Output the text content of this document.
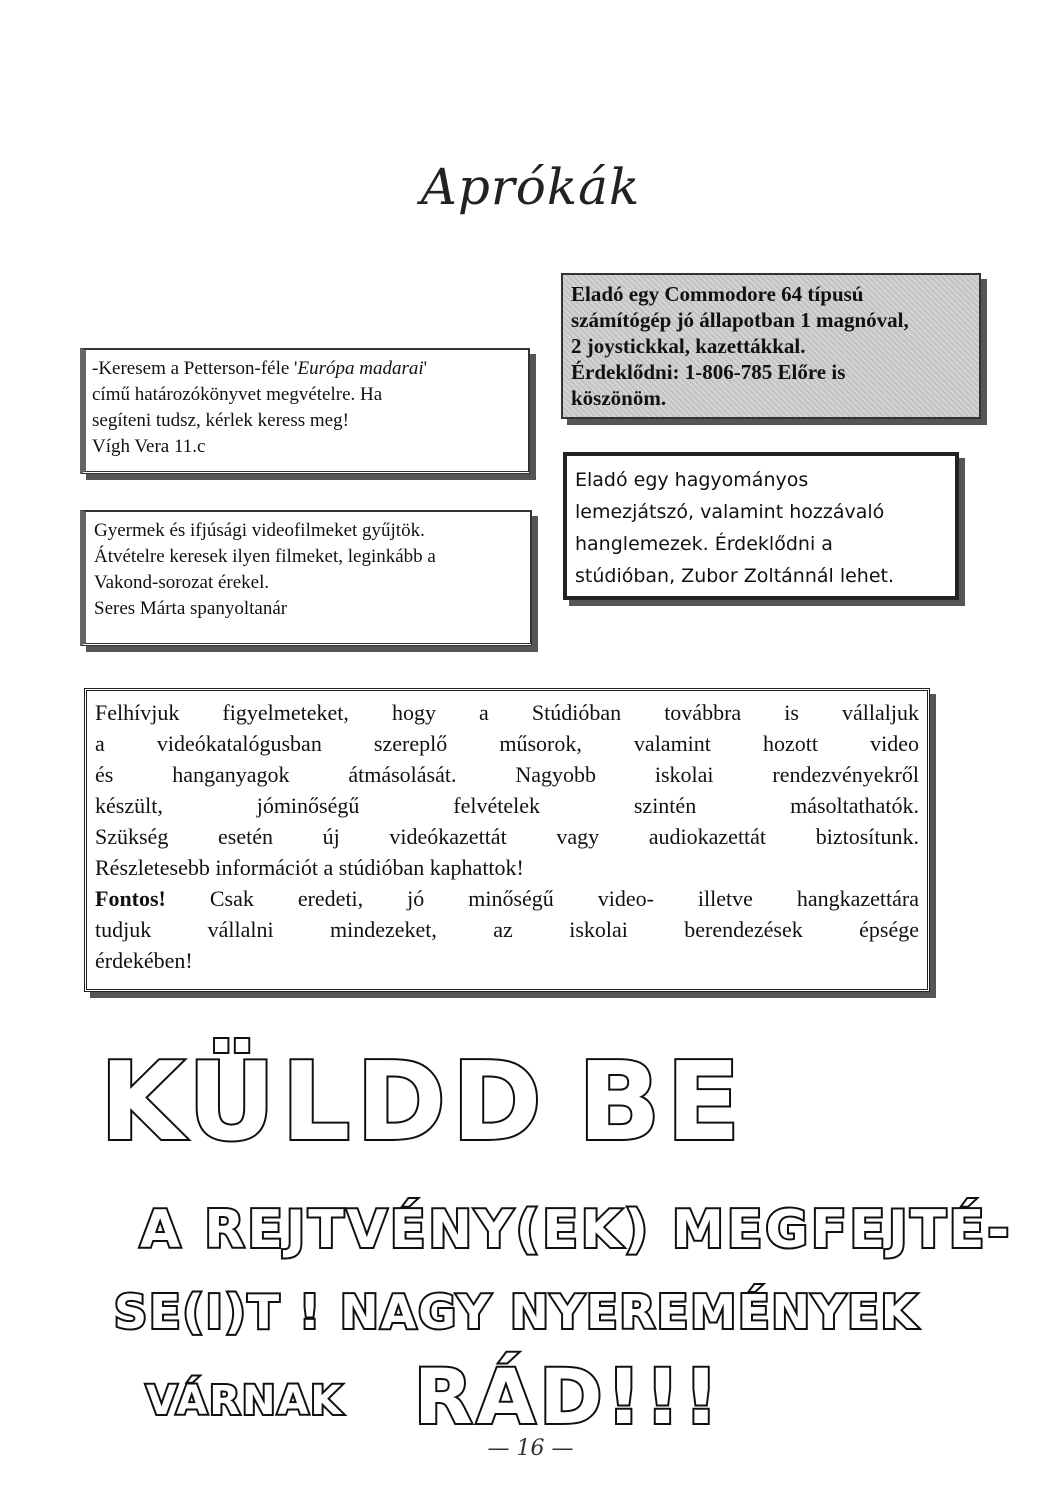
Aprókák
Eladó egy Commodore 64 típusú
számítógép jó állapotban 1 magnóval,
2 joystickkal, kazettákkal.
Érdeklődni: 1-806-785 Előre is
köszönöm.
-Keresem a Petterson-féle 'Európa madarai'
című határozókönyvet megvételre. Ha
segíteni tudsz, kérlek keress meg!
Vígh Vera 11.c
Eladó egy hagyományos
lemezjátszó, valamint hozzávaló
hanglemezek. Érdeklődni a
stúdióban, Zubor Zoltánnál lehet.
Gyermek és ifjúsági videofilmeket gyűjtök.
Átvételre keresek ilyen filmeket, leginkább a
Vakond-sorozat érekel.
Seres Márta spanyoltanár
Felhívjuk figyelmeteket, hogy a Stúdióban továbbra is vállaljuk
a videókatalógusban szereplő műsorok, valamint hozott video
és hanganyagok átmásolását. Nagyobb iskolai rendezvényekről
készült, jóminőségű felvételek szintén másoltathatók.
Szükség esetén új videókazettát vagy audiokazettát biztosítunk.
Részletesebb információt a stúdióban kaphattok!
Fontos! Csak eredeti, jó minőségű video- illetve hangkazettára
tudjuk vállalni mindezeket, az iskolai berendezések épsége
érdekében!
KÜLDD BE
A REJTVÉNY(EK) MEGFEJTÉ-
SE(I)T ! NAGY NYEREMÉNYEK
VÁRNAK RÁD!!!
— 16 —
